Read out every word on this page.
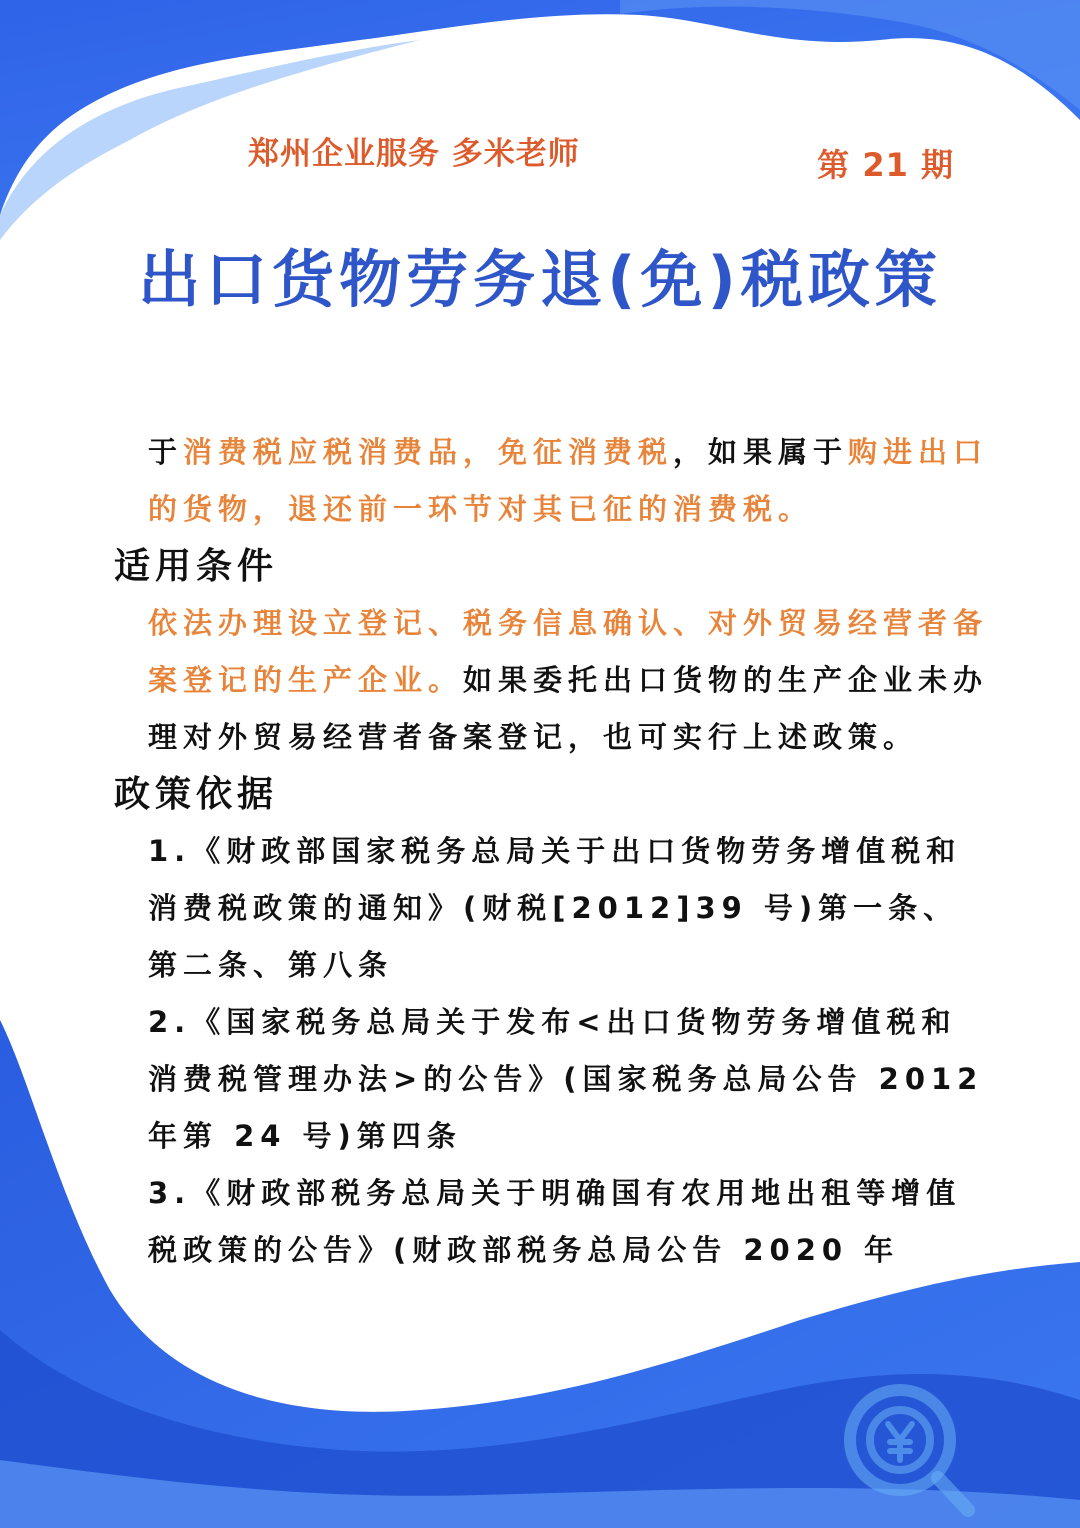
郑州企业服务 多米老师	第 21 期
出口货物劳务退(免)税政策

于消费税应税消费品，免征消费税，如果属于购进出口的货物，退还前一环节对其已征的消费税。

适用条件

依法办理设立登记、税务信息确认、对外贸易经营者备案登记的生产企业。如果委托出口货物的生产企业未办理对外贸易经营者备案登记，也可实行上述政策。

政策依据

1.《财政部国家税务总局关于出口货物劳务增值税和消费税政策的通知》(财税[2012]39 号)第一条、第二条、第八条

2.《国家税务总局关于发布<出口货物劳务增值税和消费税管理办法>的公告》(国家税务总局公告 2012 年第 24 号)第四条

3.《财政部税务总局关于明确国有农用地出租等增值税政策的公告》(财政部税务总局公告 2020 年
